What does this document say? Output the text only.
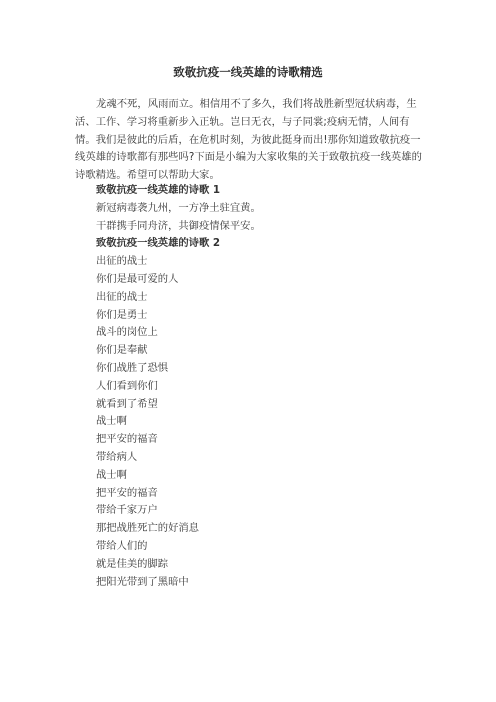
致敬抗疫一线英雄的诗歌精选

龙魂不死，风雨而立。相信用不了多久，我们将战胜新型冠状病毒，生活、工作、学习将重新步入正轨。岂曰无衣，与子同裳;疫病无情，人间有情。我们是彼此的后盾，在危机时刻，为彼此挺身而出!那你知道致敬抗疫一线英雄的诗歌都有那些吗?下面是小编为大家收集的关于致敬抗疫一线英雄的诗歌精选。希望可以帮助大家。

致敬抗疫一线英雄的诗歌 1
新冠病毒袭九州，一方净土驻宜黄。
干群携手同舟济，共御疫情保平安。
致敬抗疫一线英雄的诗歌 2
出征的战士
你们是最可爱的人
出征的战士
你们是勇士
战斗的岗位上
你们是奉献
你们战胜了恐惧
人们看到你们
就看到了希望
战士啊
把平安的福音
带给病人
战士啊
把平安的福音
带给千家万户
那把战胜死亡的好消息
带给人们的
就是佳美的脚踪
把阳光带到了黑暗中
